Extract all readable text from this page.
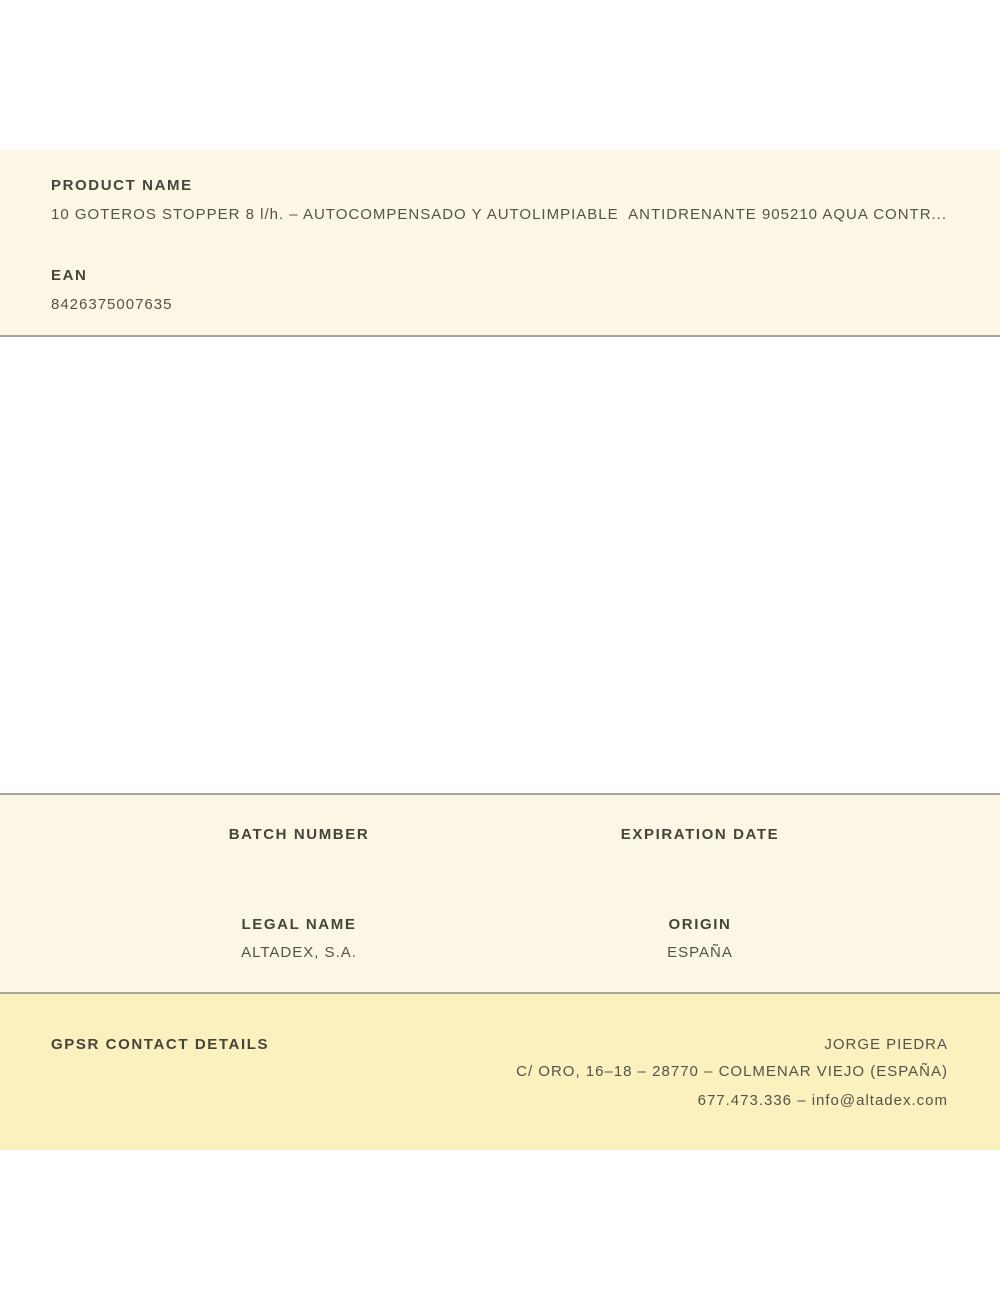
PRODUCT NAME
10 GOTEROS STOPPER 8 l/h. – AUTOCOMPENSADO Y AUTOLIMPIABLE  ANTIDRENANTE 905210 AQUA CONTR...
EAN
8426375007635
BATCH NUMBER
LEGAL NAME
ALTADEX, S.A.
EXPIRATION DATE
ORIGIN
ESPAÑA
GPSR CONTACT DETAILS	JORGE PIEDRA
C/ ORO, 16–18 – 28770 – COLMENAR VIEJO (ESPAÑA)
677.473.336 – info@altadex.com
